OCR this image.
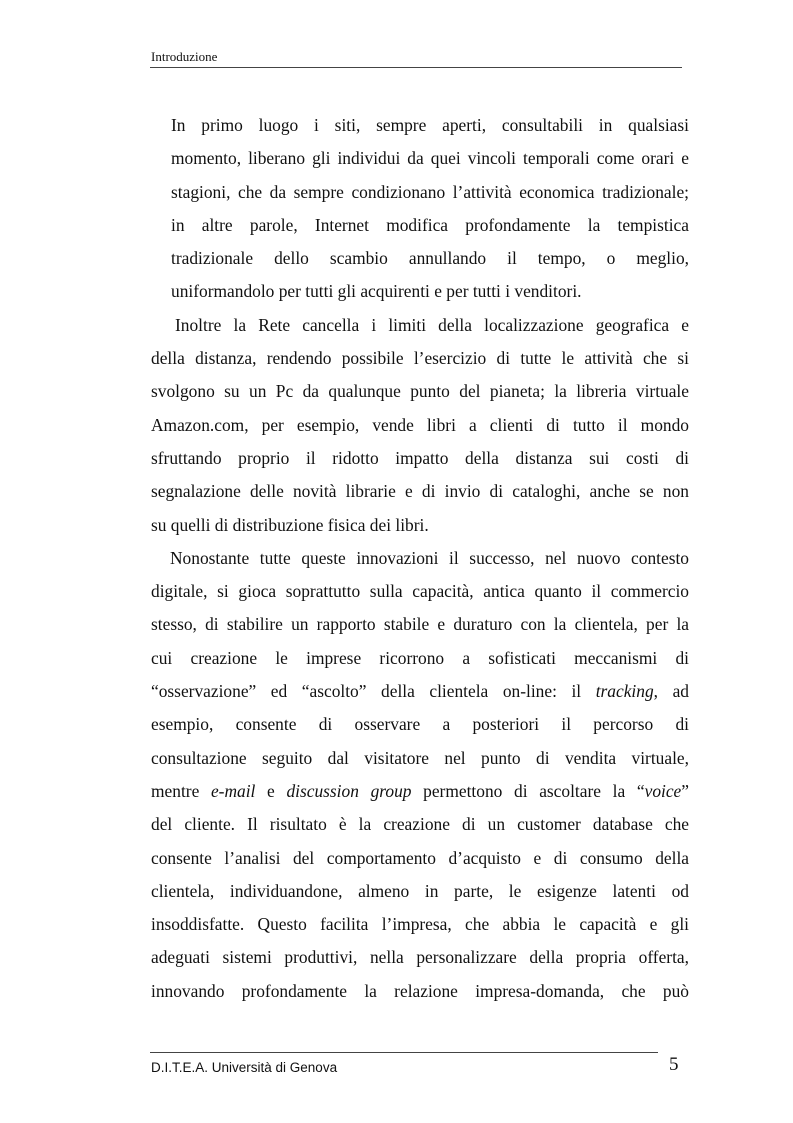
Introduzione

In primo luogo i siti, sempre aperti, consultabili in qualsiasi
momento, liberano gli individui da quei vincoli temporali come orari e
stagioni, che da sempre condizionano l’attività economica tradizionale;
in altre parole, Internet modifica profondamente la tempistica
tradizionale dello scambio annullando il tempo, o meglio,
uniformandolo per tutti gli acquirenti e per tutti i venditori.

Inoltre la Rete cancella i limiti della localizzazione geografica e
della distanza, rendendo possibile l’esercizio di tutte le attività che si
svolgono su un Pc da qualunque punto del pianeta; la libreria virtuale
Amazon.com, per esempio, vende libri a clienti di tutto il mondo
sfruttando proprio il ridotto impatto della distanza sui costi di
segnalazione delle novità librarie e di invio di cataloghi, anche se non
su quelli di distribuzione fisica dei libri.

Nonostante tutte queste innovazioni il successo, nel nuovo contesto
digitale, si gioca soprattutto sulla capacità, antica quanto il commercio
stesso, di stabilire un rapporto stabile e duraturo con la clientela, per la
cui creazione le imprese ricorrono a sofisticati meccanismi di
“osservazione” ed “ascolto” della clientela on-line: il tracking, ad
esempio, consente di osservare a posteriori il percorso di
consultazione seguito dal visitatore nel punto di vendita virtuale,
mentre e-mail e discussion group permettono di ascoltare la “voice”
del cliente. Il risultato è la creazione di un customer database che
consente l’analisi del comportamento d’acquisto e di consumo della
clientela, individuandone, almeno in parte, le esigenze latenti od
insoddisfatte. Questo facilita l’impresa, che abbia le capacità e gli
adeguati sistemi produttivi, nella personalizzare della propria offerta,
innovando profondamente la relazione impresa-domanda, che può

D.I.T.E.A. Università di Genova	5
